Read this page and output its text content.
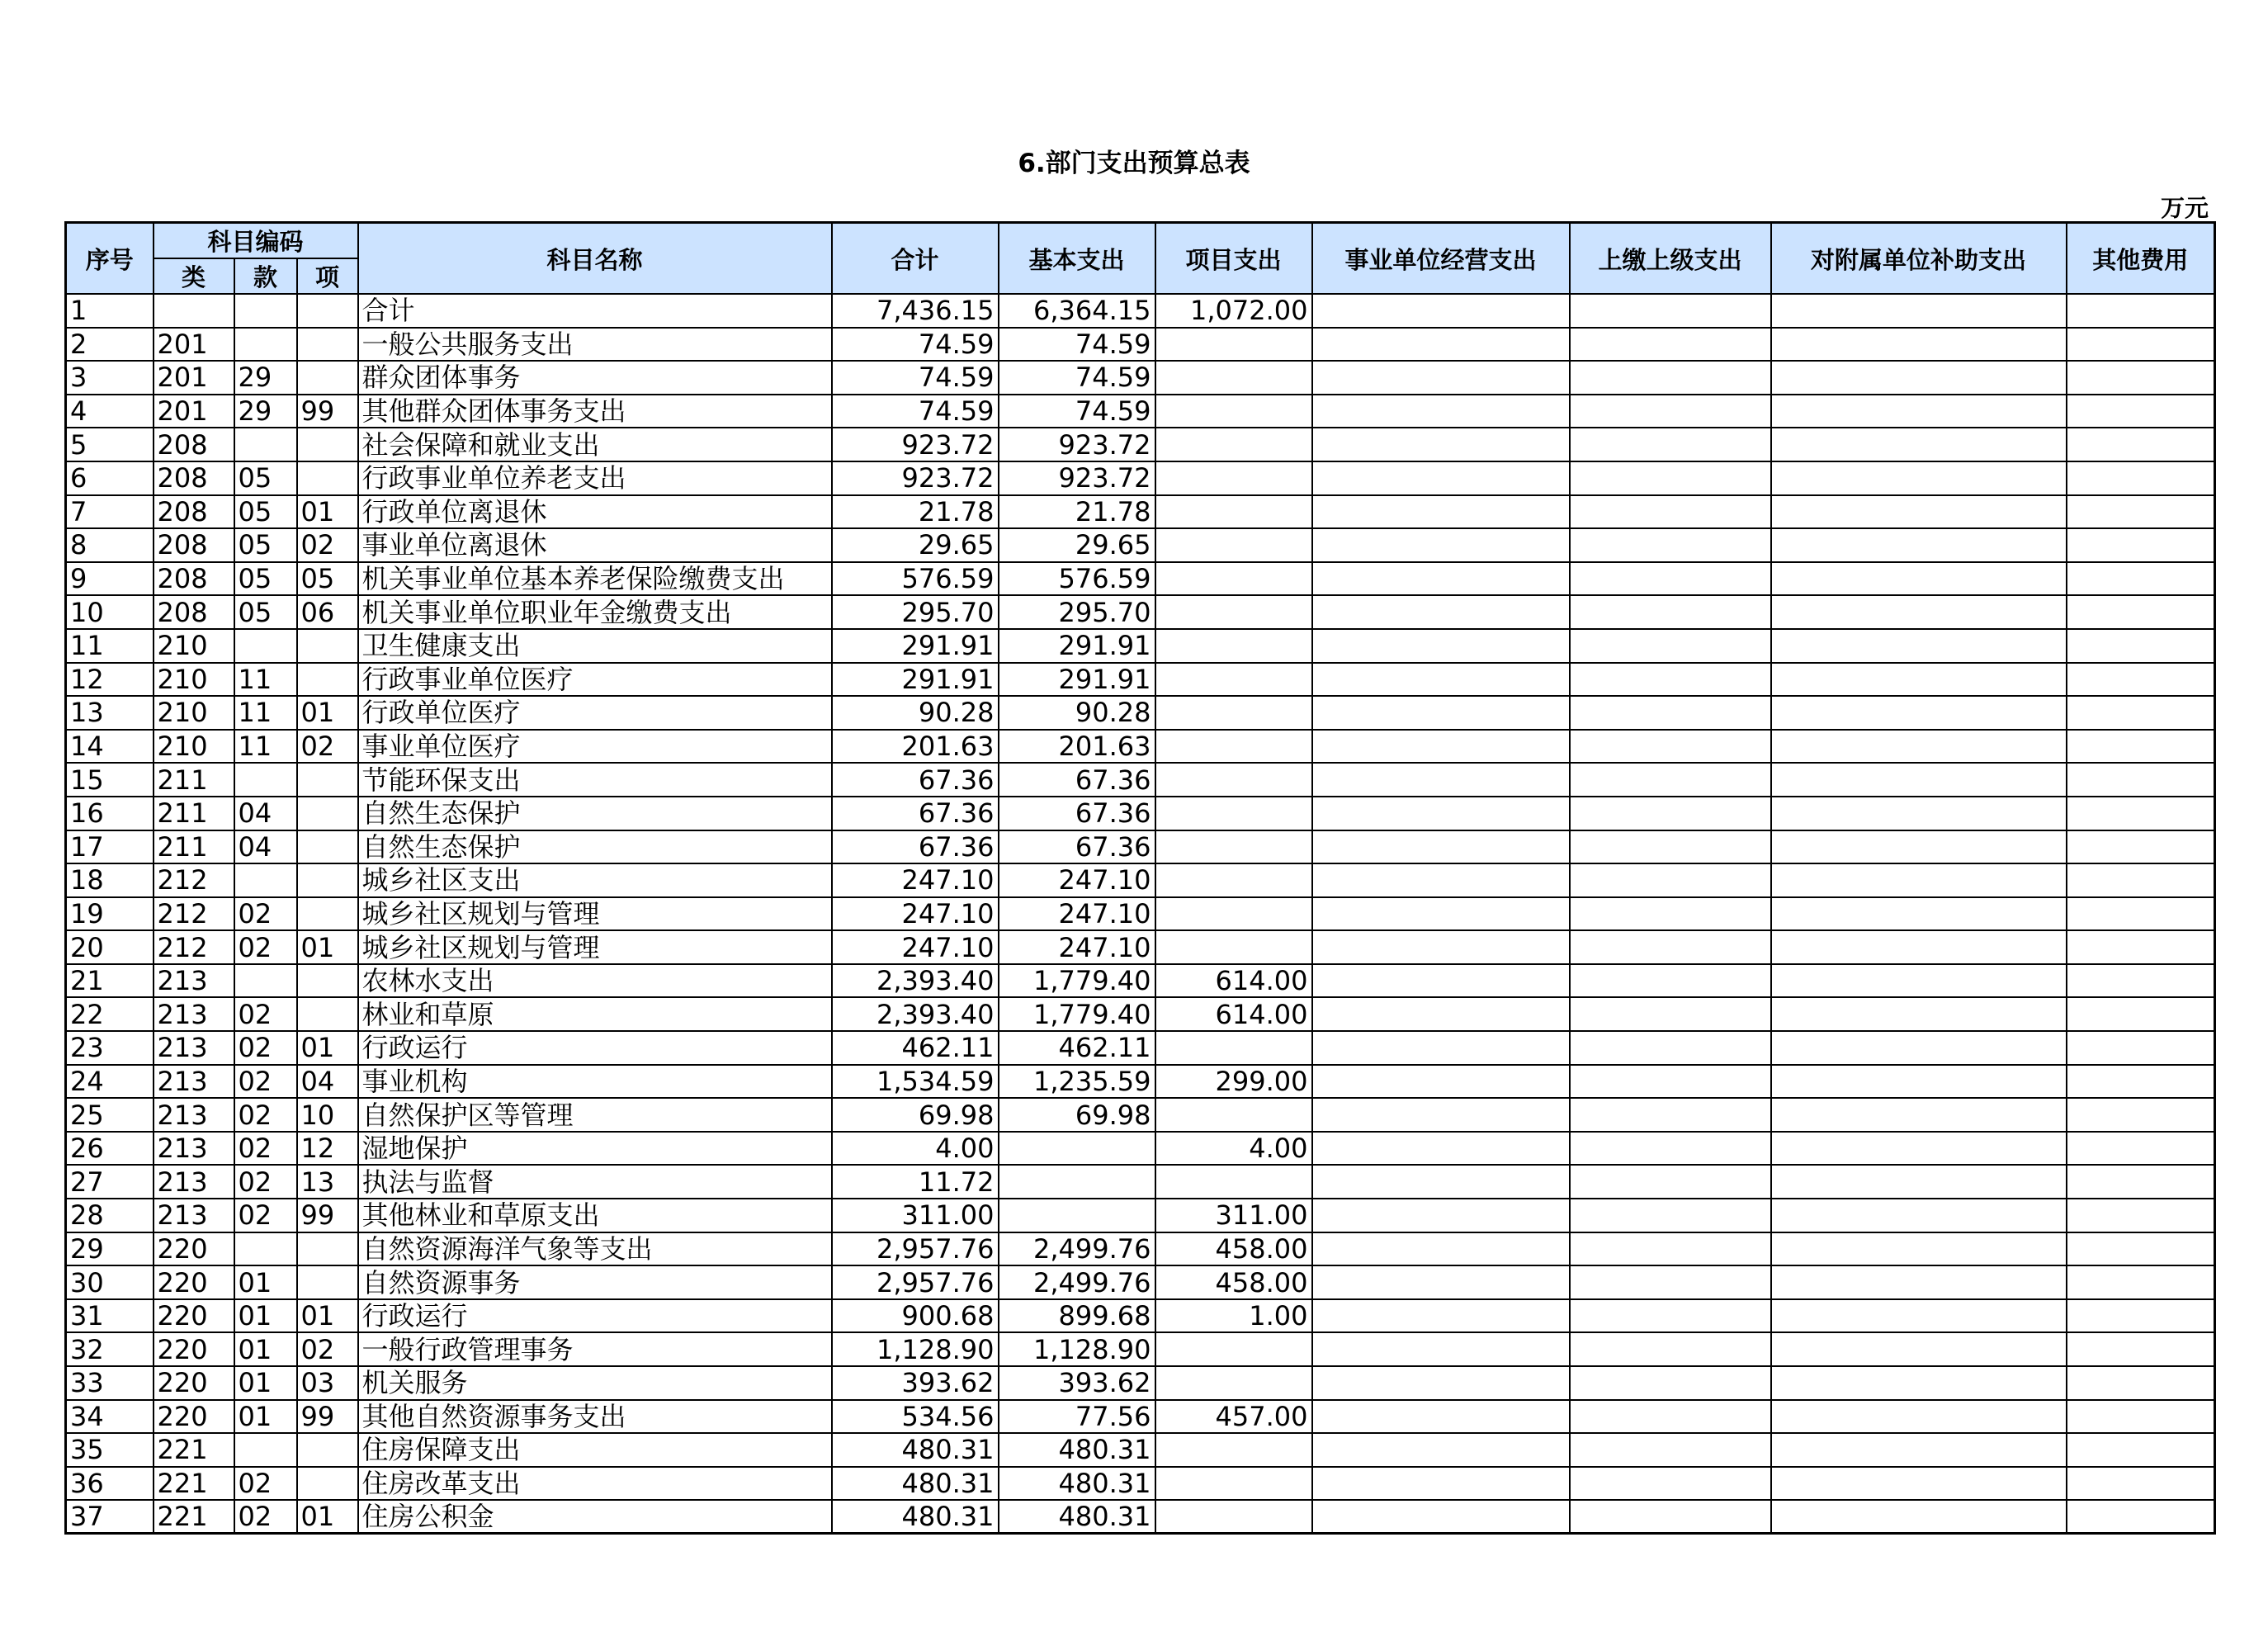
6.部门支出预算总表
万元
序号	科目编码			科目名称	合计	基本支出	项目支出	事业单位经营支出	上缴上级支出	对附属单位补助支出	其他费用
	类	款	项								
1				合计	7,436.15	6,364.15	1,072.00				
2	201			一般公共服务支出	74.59	74.59					
3	201	29		群众团体事务	74.59	74.59					
4	201	29	99	其他群众团体事务支出	74.59	74.59					
5	208			社会保障和就业支出	923.72	923.72					
6	208	05		行政事业单位养老支出	923.72	923.72					
7	208	05	01	行政单位离退休	21.78	21.78					
8	208	05	02	事业单位离退休	29.65	29.65					
9	208	05	05	机关事业单位基本养老保险缴费支出	576.59	576.59					
10	208	05	06	机关事业单位职业年金缴费支出	295.70	295.70					
11	210			卫生健康支出	291.91	291.91					
12	210	11		行政事业单位医疗	291.91	291.91					
13	210	11	01	行政单位医疗	90.28	90.28					
14	210	11	02	事业单位医疗	201.63	201.63					
15	211			节能环保支出	67.36	67.36					
16	211	04		自然生态保护	67.36	67.36					
17	211	04		自然生态保护	67.36	67.36					
18	212			城乡社区支出	247.10	247.10					
19	212	02		城乡社区规划与管理	247.10	247.10					
20	212	02	01	城乡社区规划与管理	247.10	247.10					
21	213			农林水支出	2,393.40	1,779.40	614.00				
22	213	02		林业和草原	2,393.40	1,779.40	614.00				
23	213	02	01	行政运行	462.11	462.11					
24	213	02	04	事业机构	1,534.59	1,235.59	299.00				
25	213	02	10	自然保护区等管理	69.98	69.98					
26	213	02	12	湿地保护	4.00		4.00				
27	213	02	13	执法与监督	11.72						
28	213	02	99	其他林业和草原支出	311.00		311.00				
29	220			自然资源海洋气象等支出	2,957.76	2,499.76	458.00				
30	220	01		自然资源事务	2,957.76	2,499.76	458.00				
31	220	01	01	行政运行	900.68	899.68	1.00				
32	220	01	02	一般行政管理事务	1,128.90	1,128.90					
33	220	01	03	机关服务	393.62	393.62					
34	220	01	99	其他自然资源事务支出	534.56	77.56	457.00				
35	221			住房保障支出	480.31	480.31					
36	221	02		住房改革支出	480.31	480.31					
37	221	02	01	住房公积金	480.31	480.31					
